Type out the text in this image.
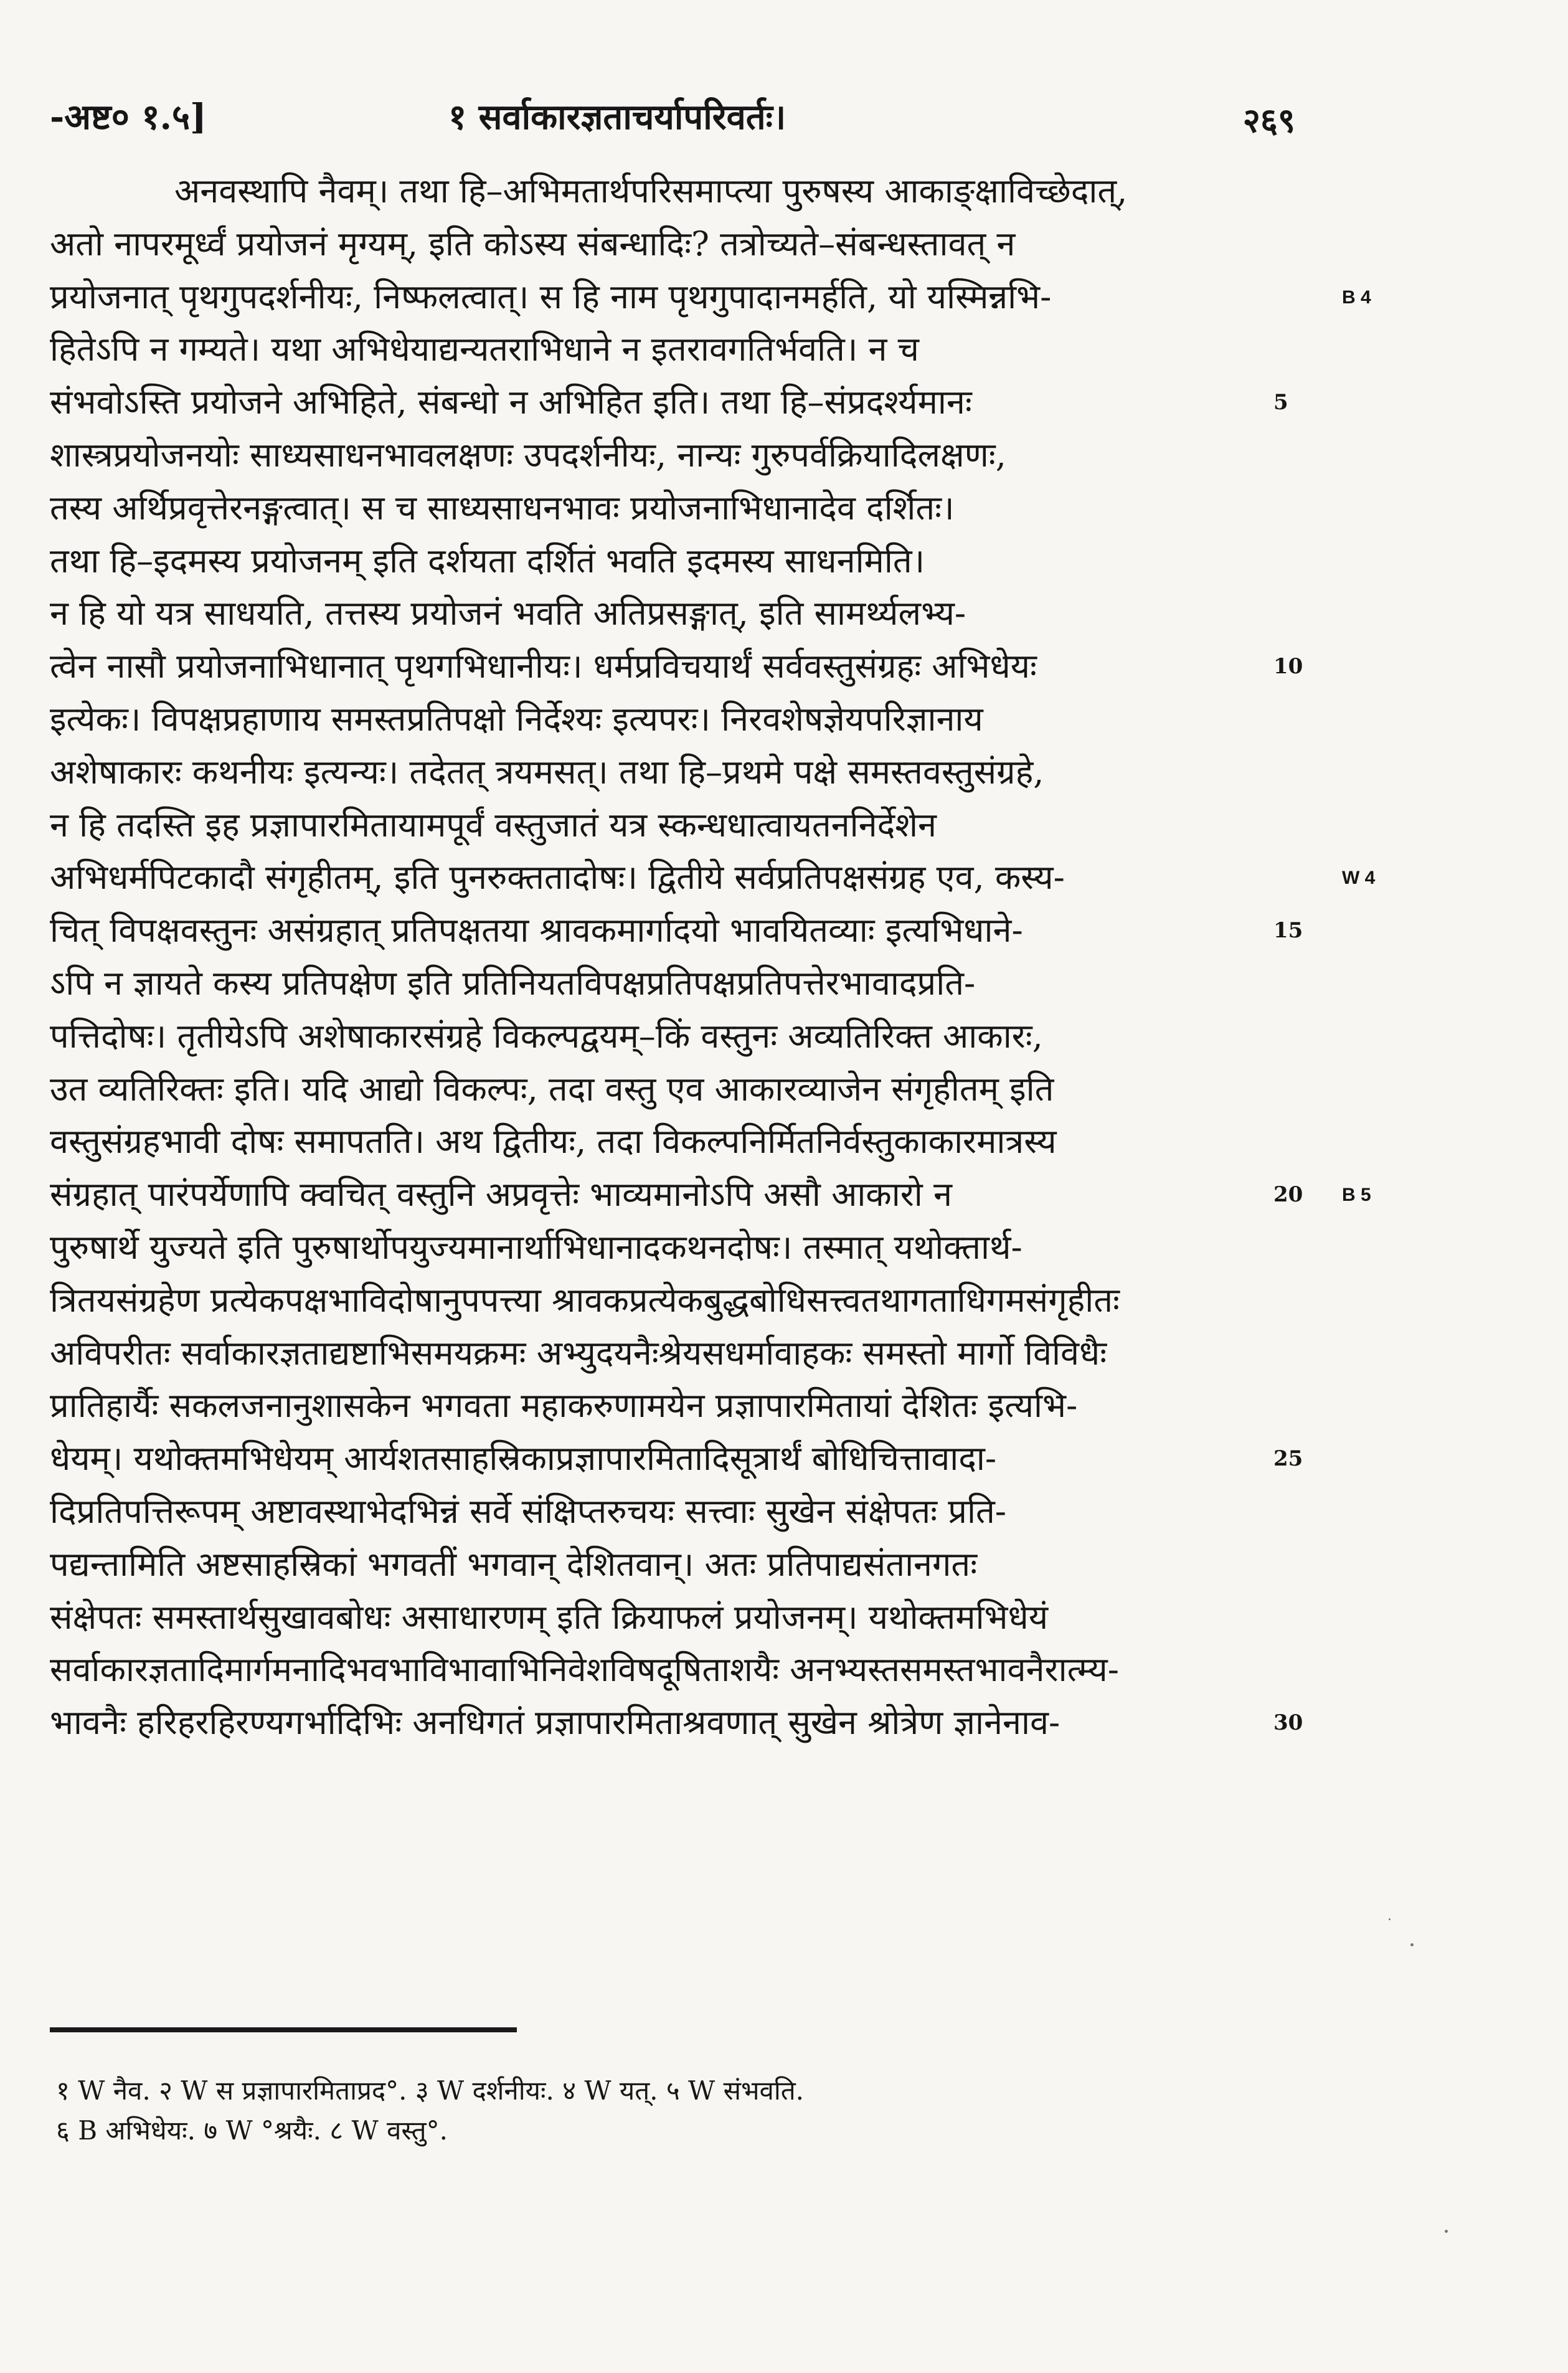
-अष्ट० १.५]	१ सर्वाकारज्ञताचर्यापरिवर्तः।	२६९
अनवस्थापि नैवम्। तथा हि–अभिमतार्थपरिसमाप्त्या पुरुषस्य आकाङ्क्षाविच्छेदात्,
अतो नापरमूर्ध्वं प्रयोजनं मृग्यम्, इति कोऽस्य संबन्धादिः? तत्रोच्यते–संबन्धस्तावत् न
प्रयोजनात् पृथगुपदर्शनीयः, निष्फलत्वात्। स हि नाम पृथगुपादानमर्हति, यो यस्मिन्नभि-
हितेऽपि न गम्यते। यथा अभिधेयाद्यन्यतराभिधाने न इतरावगतिर्भवति। न च
संभवोऽस्ति प्रयोजने अभिहिते, संबन्धो न अभिहित इति। तथा हि–संप्रदर्श्यमानः
शास्त्रप्रयोजनयोः साध्यसाधनभावलक्षणः उपदर्शनीयः, नान्यः गुरुपर्वक्रियादिलक्षणः,
तस्य अर्थिप्रवृत्तेरनङ्गत्वात्। स च साध्यसाधनभावः प्रयोजनाभिधानादेव दर्शितः।
तथा हि–इदमस्य प्रयोजनम् इति दर्शयता दर्शितं भवति इदमस्य साधनमिति।
न हि यो यत्र साधयति, तत्तस्य प्रयोजनं भवति अतिप्रसङ्गात्, इति सामर्थ्यलभ्य-
त्वेन नासौ प्रयोजनाभिधानात् पृथगभिधानीयः। धर्मप्रविचयार्थं सर्ववस्तुसंग्रहः अभिधेयः
इत्येकः। विपक्षप्रहाणाय समस्तप्रतिपक्षो निर्देश्यः इत्यपरः। निरवशेषज्ञेयपरिज्ञानाय
अशेषाकारः कथनीयः इत्यन्यः। तदेतत् त्रयमसत्। तथा हि–प्रथमे पक्षे समस्तवस्तुसंग्रहे,
न हि तदस्ति इह प्रज्ञापारमितायामपूर्वं वस्तुजातं यत्र स्कन्धधात्वायतननिर्देशेन
अभिधर्मपिटकादौ संगृहीतम्, इति पुनरुक्ततादोषः। द्वितीये सर्वप्रतिपक्षसंग्रह एव, कस्य-
चित् विपक्षवस्तुनः असंग्रहात् प्रतिपक्षतया श्रावकमार्गादयो भावयितव्याः इत्यभिधाने-
ऽपि न ज्ञायते कस्य प्रतिपक्षेण इति प्रतिनियतविपक्षप्रतिपक्षप्रतिपत्तेरभावादप्रति-
पत्तिदोषः। तृतीयेऽपि अशेषाकारसंग्रहे विकल्पद्वयम्–किं वस्तुनः अव्यतिरिक्त आकारः,
उत व्यतिरिक्तः इति। यदि आद्यो विकल्पः, तदा वस्तु एव आकारव्याजेन संगृहीतम् इति
वस्तुसंग्रहभावी दोषः समापतति। अथ द्वितीयः, तदा विकल्पनिर्मितनिर्वस्तुकाकारमात्रस्य
संग्रहात् पारंपर्येणापि क्वचित् वस्तुनि अप्रवृत्तेः भाव्यमानोऽपि असौ आकारो न
पुरुषार्थे युज्यते इति पुरुषार्थोपयुज्यमानार्थाभिधानादकथनदोषः। तस्मात् यथोक्तार्थ-
त्रितयसंग्रहेण प्रत्येकपक्षभाविदोषानुपपत्त्या श्रावकप्रत्येकबुद्धबोधिसत्त्वतथागताधिगमसंगृहीतः
अविपरीतः सर्वाकारज्ञताद्यष्टाभिसमयक्रमः अभ्युदयनैःश्रेयसधर्मावाहकः समस्तो मार्गो विविधैः
प्रातिहार्यैः सकलजनानुशासकेन भगवता महाकरुणामयेन प्रज्ञापारमितायां देशितः इत्यभि-
धेयम्। यथोक्तमभिधेयम् आर्यशतसाहस्रिकाप्रज्ञापारमितादिसूत्रार्थं बोधिचित्तावादा-
दिप्रतिपत्तिरूपम् अष्टावस्थाभेदभिन्नं सर्वे संक्षिप्तरुचयः सत्त्वाः सुखेन संक्षेपतः प्रति-
पद्यन्तामिति अष्टसाहस्रिकां भगवतीं भगवान् देशितवान्। अतः प्रतिपाद्यसंतानगतः
संक्षेपतः समस्तार्थसुखावबोधः असाधारणम् इति क्रियाफलं प्रयोजनम्। यथोक्तमभिधेयं
सर्वाकारज्ञतादिमार्गमनादिभवभाविभावाभिनिवेशविषदूषिताशयैः अनभ्यस्तसमस्तभावनैरात्म्य-
भावनैः हरिहरहिरण्यगर्भादिभिः अनधिगतं प्रज्ञापारमिताश्रवणात् सुखेन श्रोत्रेण ज्ञानेनाव-
१ W नैव. २ W स प्रज्ञापारमिताप्रद°. ३ W दर्शनीयः. ४ W यत्. ५ W संभवति.
६ B अभिधेयः. ७ W °श्रयैः. ८ W वस्तु°.
5
10
15
20
25
30
B 4
W 4
B 5
